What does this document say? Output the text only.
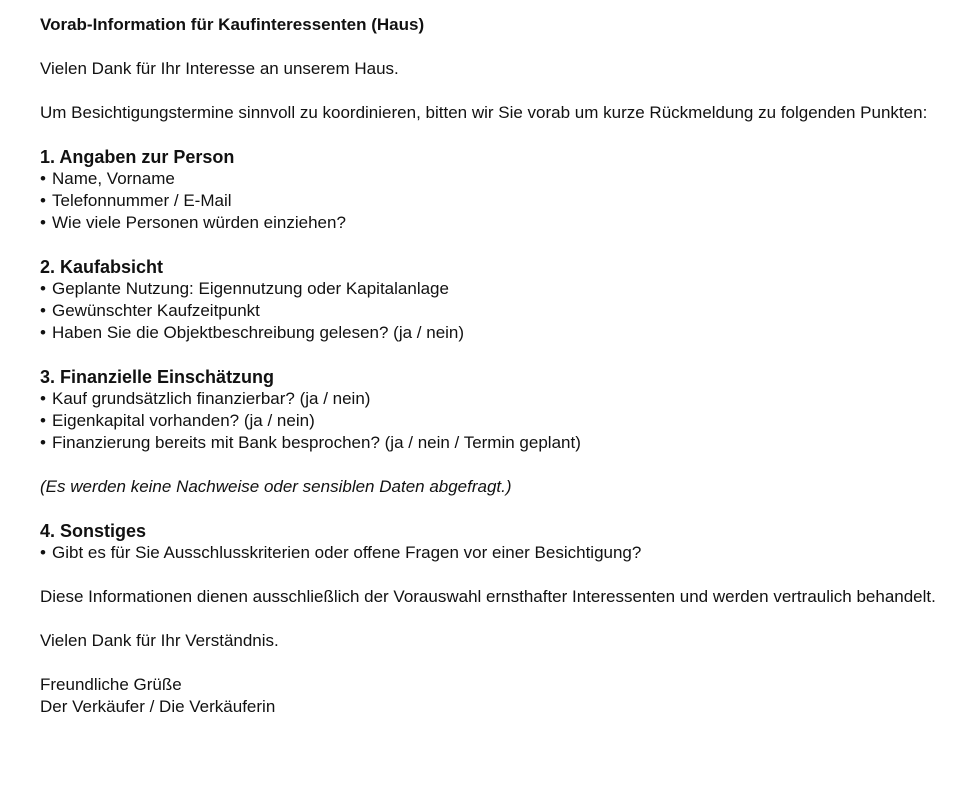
Vorab-Information für Kaufinteressenten (Haus)

Vielen Dank für Ihr Interesse an unserem Haus.

Um Besichtigungstermine sinnvoll zu koordinieren, bitten wir Sie vorab um kurze Rückmeldung zu folgenden Punkten:

1. Angaben zur Person

• Name, Vorname
• Telefonnummer / E-Mail
• Wie viele Personen würden einziehen?

2. Kaufabsicht

• Geplante Nutzung: Eigennutzung oder Kapitalanlage
• Gewünschter Kaufzeitpunkt
• Haben Sie die Objektbeschreibung gelesen? (ja / nein)

3. Finanzielle Einschätzung

• Kauf grundsätzlich finanzierbar? (ja / nein)
• Eigenkapital vorhanden? (ja / nein)
• Finanzierung bereits mit Bank besprochen? (ja / nein / Termin geplant)

(Es werden keine Nachweise oder sensiblen Daten abgefragt.)

4. Sonstiges

• Gibt es für Sie Ausschlusskriterien oder offene Fragen vor einer Besichtigung?

Diese Informationen dienen ausschließlich der Vorauswahl ernsthafter Interessenten und werden vertraulich behandelt.

Vielen Dank für Ihr Verständnis.

Freundliche Grüße

Der Verkäufer / Die Verkäuferin
